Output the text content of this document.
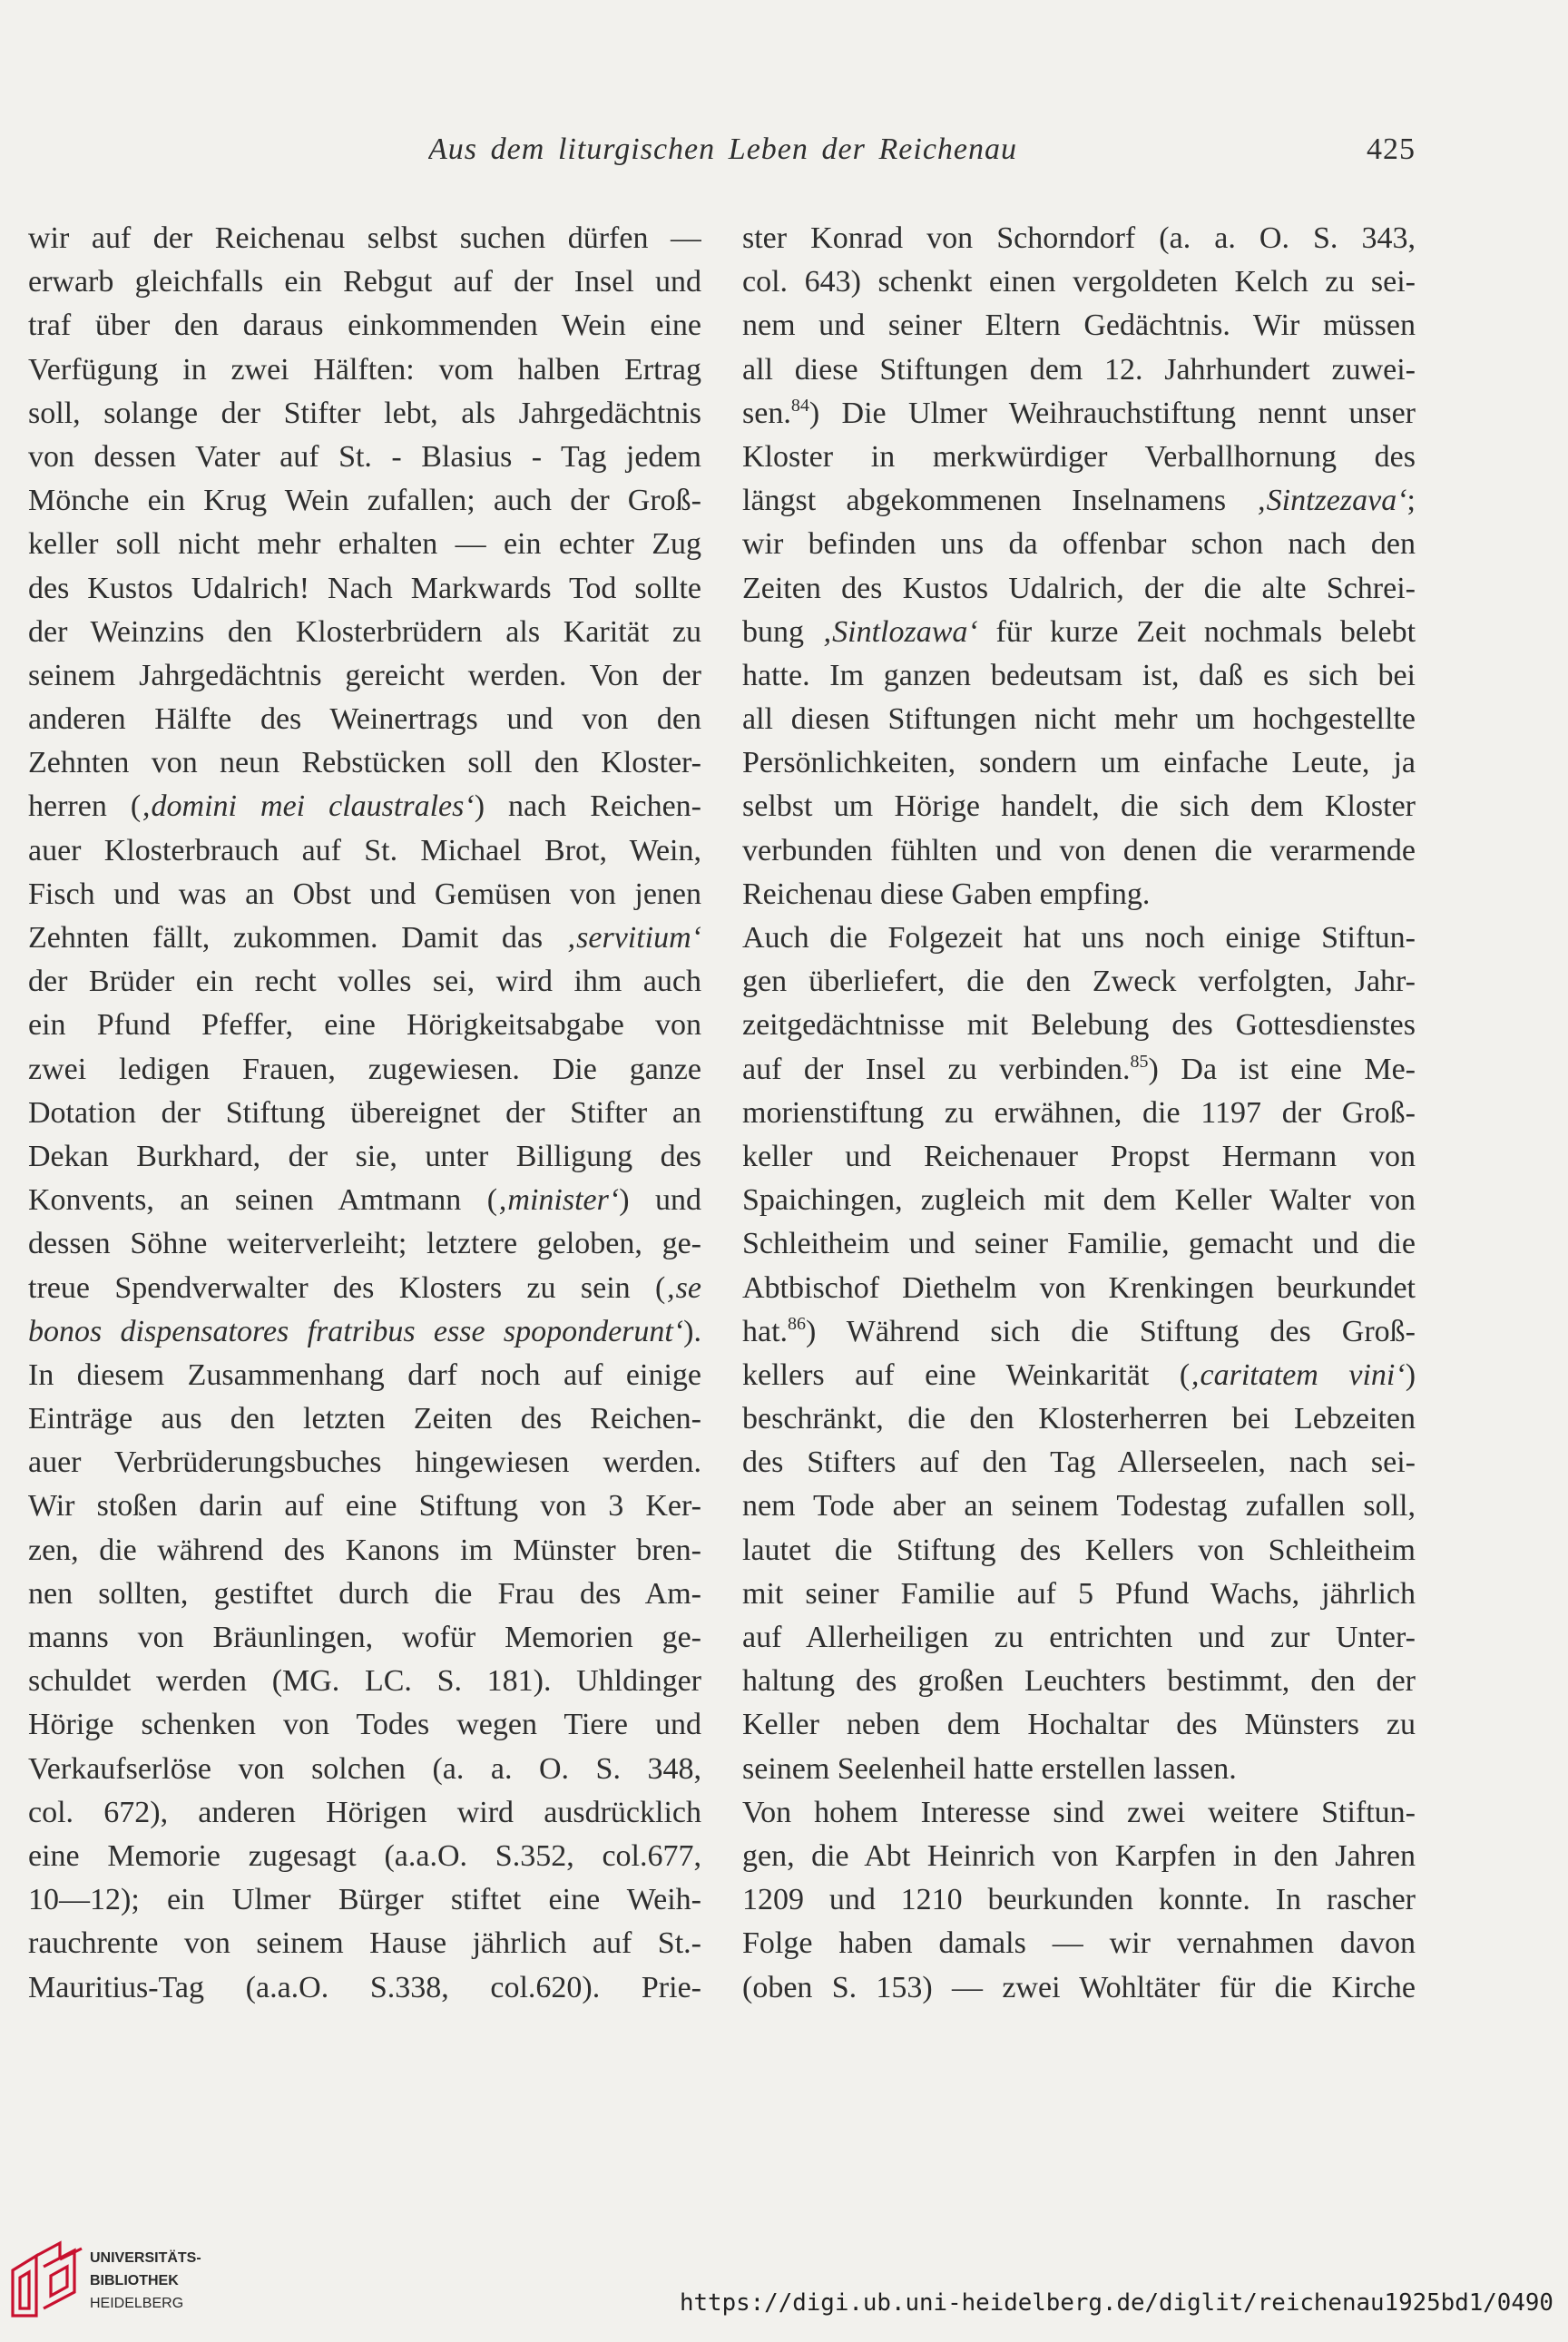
Aus dem liturgischen Leben der Reichenau	425
wir auf der Reichenau selbst suchen dürfen —
erwarb gleichfalls ein Rebgut auf der Insel und
traf über den daraus einkommenden Wein eine
Verfügung in zwei Hälften: vom halben Ertrag
soll, solange der Stifter lebt, als Jahrgedächtnis
von dessen Vater auf St. - Blasius - Tag jedem
Mönche ein Krug Wein zufallen; auch der Groß-
keller soll nicht mehr erhalten — ein echter Zug
des Kustos Udalrich! Nach Markwards Tod sollte
der Weinzins den Klosterbrüdern als Karität zu
seinem Jahrgedächtnis gereicht werden. Von der
anderen Hälfte des Weinertrags und von den
Zehnten von neun Rebstücken soll den Kloster-
herren (‚domini mei claustrales‘) nach Reichen-
auer Klosterbrauch auf St. Michael Brot, Wein,
Fisch und was an Obst und Gemüsen von jenen
Zehnten fällt, zukommen. Damit das ‚servitium‘
der Brüder ein recht volles sei, wird ihm auch
ein Pfund Pfeffer, eine Hörigkeitsabgabe von
zwei ledigen Frauen, zugewiesen. Die ganze
Dotation der Stiftung übereignet der Stifter an
Dekan Burkhard, der sie, unter Billigung des
Konvents, an seinen Amtmann (‚minister‘) und
dessen Söhne weiterverleiht; letztere geloben, ge-
treue Spendverwalter des Klosters zu sein (‚se
bonos dispensatores fratribus esse spoponderunt‘).
In diesem Zusammenhang darf noch auf einige
Einträge aus den letzten Zeiten des Reichen-
auer Verbrüderungsbuches hingewiesen werden.
Wir stoßen darin auf eine Stiftung von 3 Ker-
zen, die während des Kanons im Münster bren-
nen sollten, gestiftet durch die Frau des Am-
manns von Bräunlingen, wofür Memorien ge-
schuldet werden (MG. LC. S. 181). Uhldinger
Hörige schenken von Todes wegen Tiere und
Verkaufserlöse von solchen (a. a. O. S. 348,
col. 672), anderen Hörigen wird ausdrücklich
eine Memorie zugesagt (a.a.O. S.352, col.677,
10—12); ein Ulmer Bürger stiftet eine Weih-
rauchrente von seinem Hause jährlich auf St.-
Mauritius-Tag (a.a.O. S.338, col.620). Prie-
ster Konrad von Schorndorf (a. a. O. S. 343,
col. 643) schenkt einen vergoldeten Kelch zu sei-
nem und seiner Eltern Gedächtnis. Wir müssen
all diese Stiftungen dem 12. Jahrhundert zuwei-
sen.$^{84}$) Die Ulmer Weihrauchstiftung nennt unser
Kloster in merkwürdiger Verballhornung des
längst abgekommenen Inselnamens ‚Sintzezava‘;
wir befinden uns da offenbar schon nach den
Zeiten des Kustos Udalrich, der die alte Schrei-
bung ‚Sintlozawa‘ für kurze Zeit nochmals belebt
hatte. Im ganzen bedeutsam ist, daß es sich bei
all diesen Stiftungen nicht mehr um hochgestellte
Persönlichkeiten, sondern um einfache Leute, ja
selbst um Hörige handelt, die sich dem Kloster
verbunden fühlten und von denen die verarmende
Reichenau diese Gaben empfing.
Auch die Folgezeit hat uns noch einige Stiftun-
gen überliefert, die den Zweck verfolgten, Jahr-
zeitgedächtnisse mit Belebung des Gottesdienstes
auf der Insel zu verbinden.$^{85}$) Da ist eine Me-
morienstiftung zu erwähnen, die 1197 der Groß-
keller und Reichenauer Propst Hermann von
Spaichingen, zugleich mit dem Keller Walter von
Schleitheim und seiner Familie, gemacht und die
Abtbischof Diethelm von Krenkingen beurkundet
hat.$^{86}$) Während sich die Stiftung des Groß-
kellers auf eine Weinkarität (‚caritatem vini‘)
beschränkt, die den Klosterherren bei Lebzeiten
des Stifters auf den Tag Allerseelen, nach sei-
nem Tode aber an seinem Todestag zufallen soll,
lautet die Stiftung des Kellers von Schleitheim
mit seiner Familie auf 5 Pfund Wachs, jährlich
auf Allerheiligen zu entrichten und zur Unter-
haltung des großen Leuchters bestimmt, den der
Keller neben dem Hochaltar des Münsters zu
seinem Seelenheil hatte erstellen lassen.
Von hohem Interesse sind zwei weitere Stiftun-
gen, die Abt Heinrich von Karpfen in den Jahren
1209 und 1210 beurkunden konnte. In rascher
Folge haben damals — wir vernahmen davon
(oben S. 153) — zwei Wohltäter für die Kirche
UNIVERSITÄTS-
BIBLIOTHEK
HEIDELBERG	https://digi.ub.uni-heidelberg.de/diglit/reichenau1925bd1/0490
